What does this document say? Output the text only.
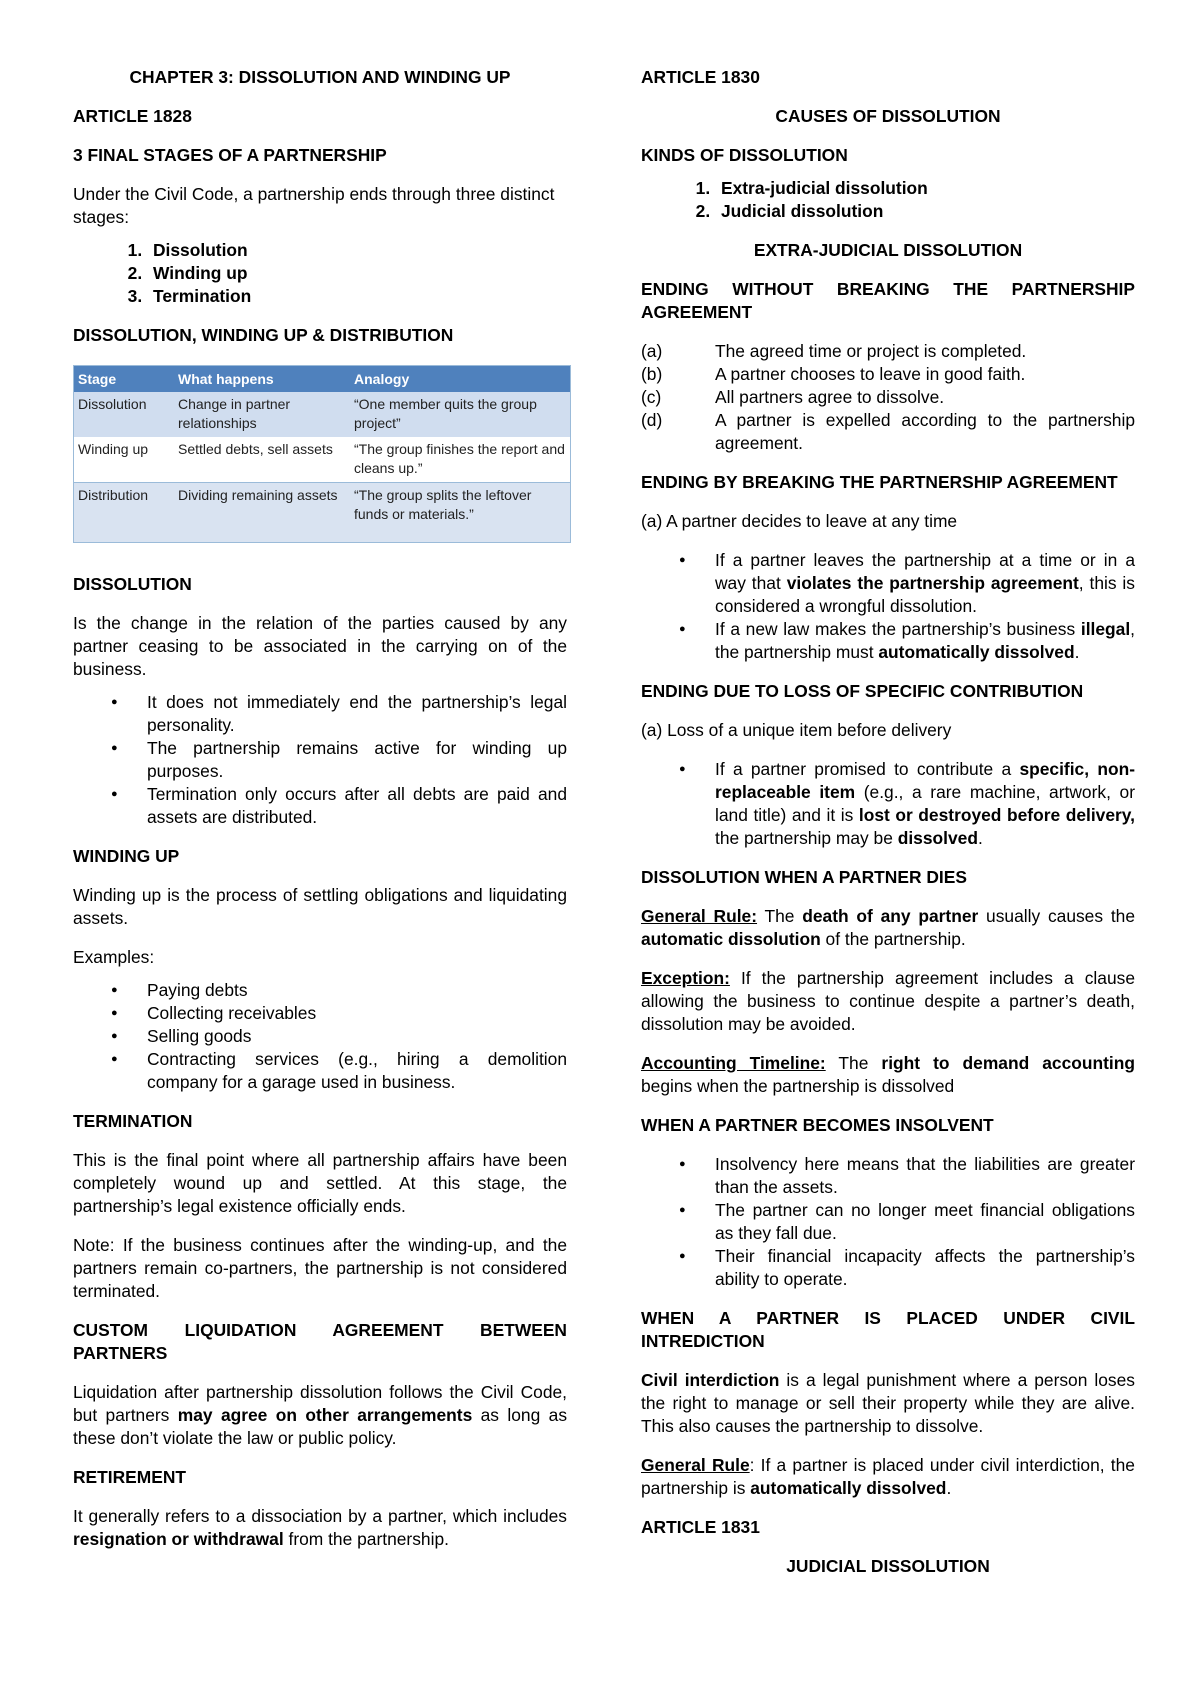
CHAPTER 3: DISSOLUTION AND WINDING UP

ARTICLE 1828

3 FINAL STAGES OF A PARTNERSHIP

Under the Civil Code, a partnership ends through three distinct stages:

1. Dissolution
2. Winding up
3. Termination

DISSOLUTION, WINDING UP & DISTRIBUTION

Stage	What happens	Analogy
Dissolution	Change in partner relationships	“One member quits the group project”
Winding up	Settled debts, sell assets	“The group finishes the report and cleans up.”
Distribution	Dividing remaining assets	“The group splits the leftover funds or materials.”

DISSOLUTION

Is the change in the relation of the parties caused by any partner ceasing to be associated in the carrying on of the business.

● It does not immediately end the partnership’s legal personality.
● The partnership remains active for winding up purposes.
● Termination only occurs after all debts are paid and assets are distributed.

WINDING UP

Winding up is the process of settling obligations and liquidating assets.

Examples:

● Paying debts
● Collecting receivables
● Selling goods
● Contracting services (e.g., hiring a demolition company for a garage used in business.

TERMINATION

This is the final point where all partnership affairs have been completely wound up and settled. At this stage, the partnership’s legal existence officially ends.

Note: If the business continues after the winding-up, and the partners remain co-partners, the partnership is not considered terminated.

CUSTOM LIQUIDATION AGREEMENT BETWEEN PARTNERS

Liquidation after partnership dissolution follows the Civil Code, but partners may agree on other arrangements as long as these don’t violate the law or public policy.

RETIREMENT

It generally refers to a dissociation by a partner, which includes resignation or withdrawal from the partnership.

ARTICLE 1830

CAUSES OF DISSOLUTION

KINDS OF DISSOLUTION

1. Extra-judicial dissolution
2. Judicial dissolution

EXTRA-JUDICIAL DISSOLUTION

ENDING WITHOUT BREAKING THE PARTNERSHIP AGREEMENT

(a)	The agreed time or project is completed.
(b)	A partner chooses to leave in good faith.
(c)	All partners agree to dissolve.
(d)	A partner is expelled according to the partnership agreement.

ENDING BY BREAKING THE PARTNERSHIP AGREEMENT

(a) A partner decides to leave at any time

● If a partner leaves the partnership at a time or in a way that violates the partnership agreement, this is considered a wrongful dissolution.
● If a new law makes the partnership’s business illegal, the partnership must automatically dissolved.

ENDING DUE TO LOSS OF SPECIFIC CONTRIBUTION

(a) Loss of a unique item before delivery

● If a partner promised to contribute a specific, non-replaceable item (e.g., a rare machine, artwork, or land title) and it is lost or destroyed before delivery, the partnership may be dissolved.

DISSOLUTION WHEN A PARTNER DIES

General Rule: The death of any partner usually causes the automatic dissolution of the partnership.

Exception: If the partnership agreement includes a clause allowing the business to continue despite a partner’s death, dissolution may be avoided.

Accounting Timeline: The right to demand accounting begins when the partnership is dissolved

WHEN A PARTNER BECOMES INSOLVENT

● Insolvency here means that the liabilities are greater than the assets.
● The partner can no longer meet financial obligations as they fall due.
● Their financial incapacity affects the partnership’s ability to operate.

WHEN A PARTNER IS PLACED UNDER CIVIL INTREDICTION

Civil interdiction is a legal punishment where a person loses the right to manage or sell their property while they are alive. This also causes the partnership to dissolve.

General Rule: If a partner is placed under civil interdiction, the partnership is automatically dissolved.

ARTICLE 1831

JUDICIAL DISSOLUTION
